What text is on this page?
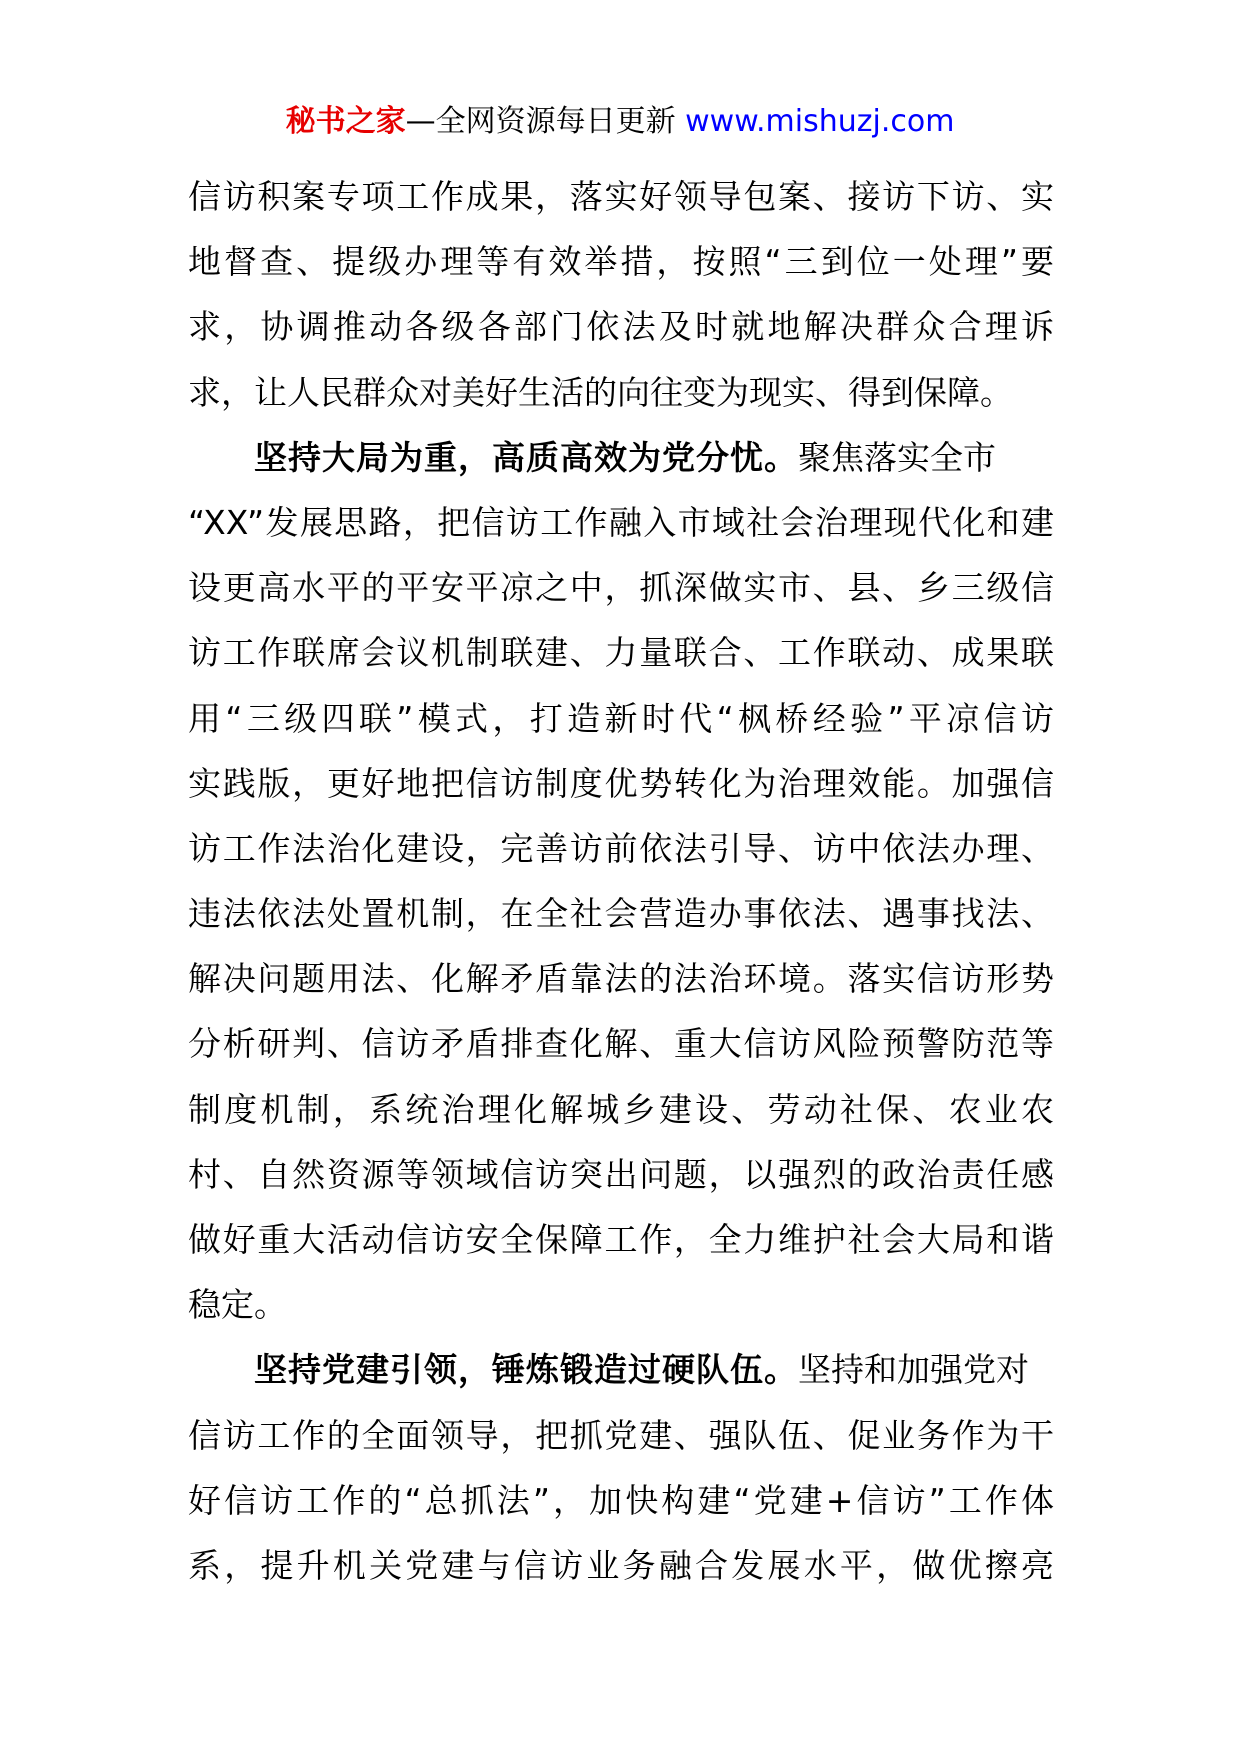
秘书之家—全网资源每日更新 www.mishuzj.com
信访积案专项工作成果，落实好领导包案、接访下访、实
地督查、提级办理等有效举措，按照“三到位一处理”要
求，协调推动各级各部门依法及时就地解决群众合理诉
求，让人民群众对美好生活的向往变为现实、得到保障。
坚持大局为重，高质高效为党分忧。聚焦落实全市
“XX”发展思路，把信访工作融入市域社会治理现代化和建
设更高水平的平安平凉之中，抓深做实市、县、乡三级信
访工作联席会议机制联建、力量联合、工作联动、成果联
用“三级四联”模式，打造新时代“枫桥经验”平凉信访
实践版，更好地把信访制度优势转化为治理效能。加强信
访工作法治化建设，完善访前依法引导、访中依法办理、
违法依法处置机制，在全社会营造办事依法、遇事找法、
解决问题用法、化解矛盾靠法的法治环境。落实信访形势
分析研判、信访矛盾排查化解、重大信访风险预警防范等
制度机制，系统治理化解城乡建设、劳动社保、农业农
村、自然资源等领域信访突出问题，以强烈的政治责任感
做好重大活动信访安全保障工作，全力维护社会大局和谐
稳定。
坚持党建引领，锤炼锻造过硬队伍。坚持和加强党对
信访工作的全面领导，把抓党建、强队伍、促业务作为干
好信访工作的“总抓法”，加快构建“党建+信访”工作体
系，提升机关党建与信访业务融合发展水平，做优擦亮
